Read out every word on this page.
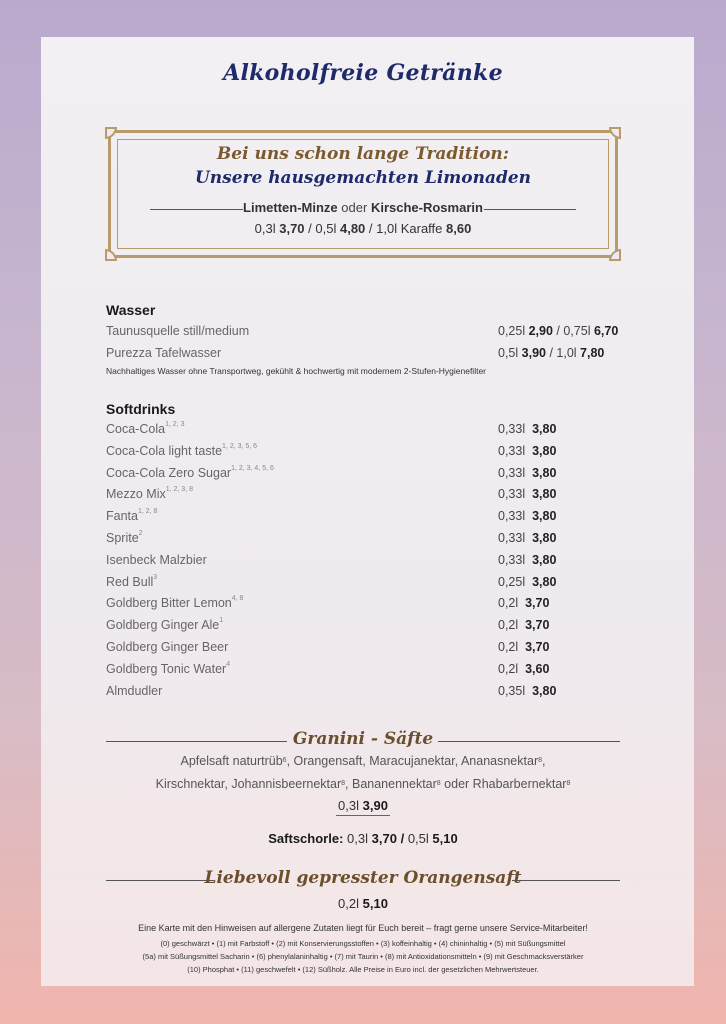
Alkoholfreie Getränke
Bei uns schon lange Tradition:
Unsere hausgemachten Limonaden
Limetten-Minze oder Kirsche-Rosmarin
0,3l 3,70 / 0,5l 4,80 / 1,0l Karaffe 8,60
Wasser
Taunusquelle still/medium	0,25l 2,90 / 0,75l 6,70
Purezza Tafelwasser	0,5l 3,90 / 1,0l 7,80
Nachhaltiges Wasser ohne Transportweg, gekühlt & hochwertig mit modernem 2-Stufen-Hygienefilter
Softdrinks
Coca-Cola$^{1, 2, 3}$	0,33l 3,80
Coca-Cola light taste$^{1, 2, 3, 5, 6}$	0,33l 3,80
Coca-Cola Zero Sugar$^{1, 2, 3, 4, 5, 6}$	0,33l 3,80
Mezzo Mix$^{1, 2, 3, 8}$	0,33l 3,80
Fanta$^{1, 2, 8}$	0,33l 3,80
Sprite$^2$	0,33l 3,80
Isenbeck Malzbier	0,33l 3,80
Red Bull$^3$	0,25l 3,80
Goldberg Bitter Lemon$^{4, 8}$	0,2l 3,70
Goldberg Ginger Ale$^1$	0,2l 3,70
Goldberg Ginger Beer	0,2l 3,70
Goldberg Tonic Water$^4$	0,2l 3,60
Almdudler	0,35l 3,80
Granini - Säfte
Apfelsaft naturtrüb$^6$, Orangensaft, Maracujanektar, Ananasnektar$^8$,
Kirschnektar, Johannisbeernektar$^8$, Bananennektar$^8$ oder Rhabarbernektar$^8$
0,3l 3,90
Saftschorle: 0,3l 3,70 / 0,5l 5,10
Liebevoll gepresster Orangensaft
0,2l 5,10
Eine Karte mit den Hinweisen auf allergene Zutaten liegt für Euch bereit – fragt gerne unsere Service-Mitarbeiter!
(0) geschwärzt • (1) mit Farbstoff • (2) mit Konservierungsstoffen • (3) koffeinhaltig • (4) chininhaltig • (5) mit Süßungsmittel
(5a) mit Süßungsmittel Sacharin • (6) phenylalaninhaltig • (7) mit Taurin • (8) mit Antioxidationsmitteln • (9) mit Geschmacksverstärker
(10) Phosphat • (11) geschwefelt • (12) Süßholz. Alle Preise in Euro incl. der gesetzlichen Mehrwertsteuer.
